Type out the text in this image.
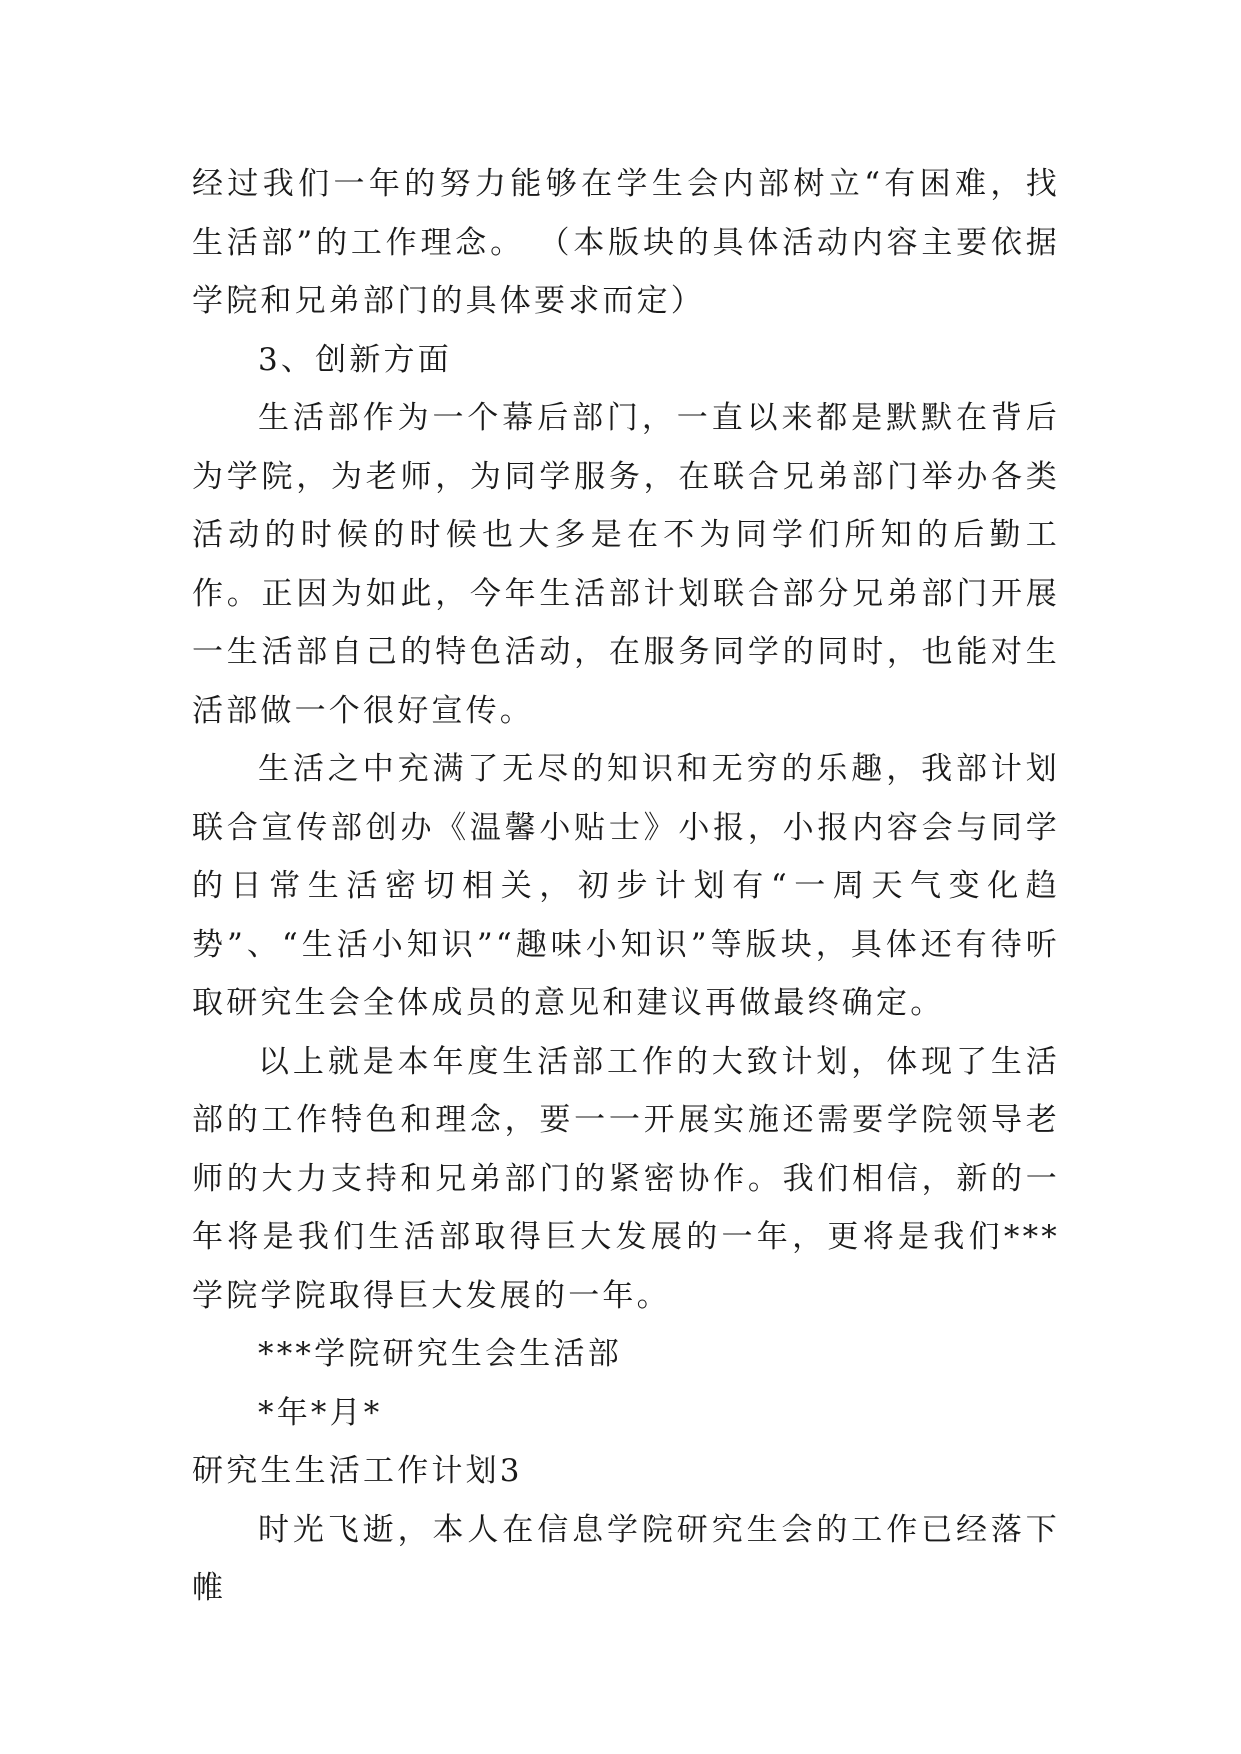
经过我们一年的努力能够在学生会内部树立“有困难，找生活部”的工作理念。 （本版块的具体活动内容主要依据学院和兄弟部门的具体要求而定）

3、创新方面

生活部作为一个幕后部门，一直以来都是默默在背后为学院，为老师，为同学服务，在联合兄弟部门举办各类活动的时候的时候也大多是在不为同学们所知的后勤工作。正因为如此，今年生活部计划联合部分兄弟部门开展一生活部自己的特色活动，在服务同学的同时，也能对生活部做一个很好宣传。

生活之中充满了无尽的知识和无穷的乐趣，我部计划联合宣传部创办《温馨小贴士》小报，小报内容会与同学的日常生活密切相关，初步计划有“一周天气变化趋势”、“生活小知识”“趣味小知识”等版块，具体还有待听取研究生会全体成员的意见和建议再做最终确定。

以上就是本年度生活部工作的大致计划，体现了生活部的工作特色和理念，要一一开展实施还需要学院领导老师的大力支持和兄弟部门的紧密协作。我们相信，新的一年将是我们生活部取得巨大发展的一年，更将是我们***学院学院取得巨大发展的一年。

***学院研究生会生活部

*年*月*

研究生生活工作计划3

时光飞逝，本人在信息学院研究生会的工作已经落下帷
